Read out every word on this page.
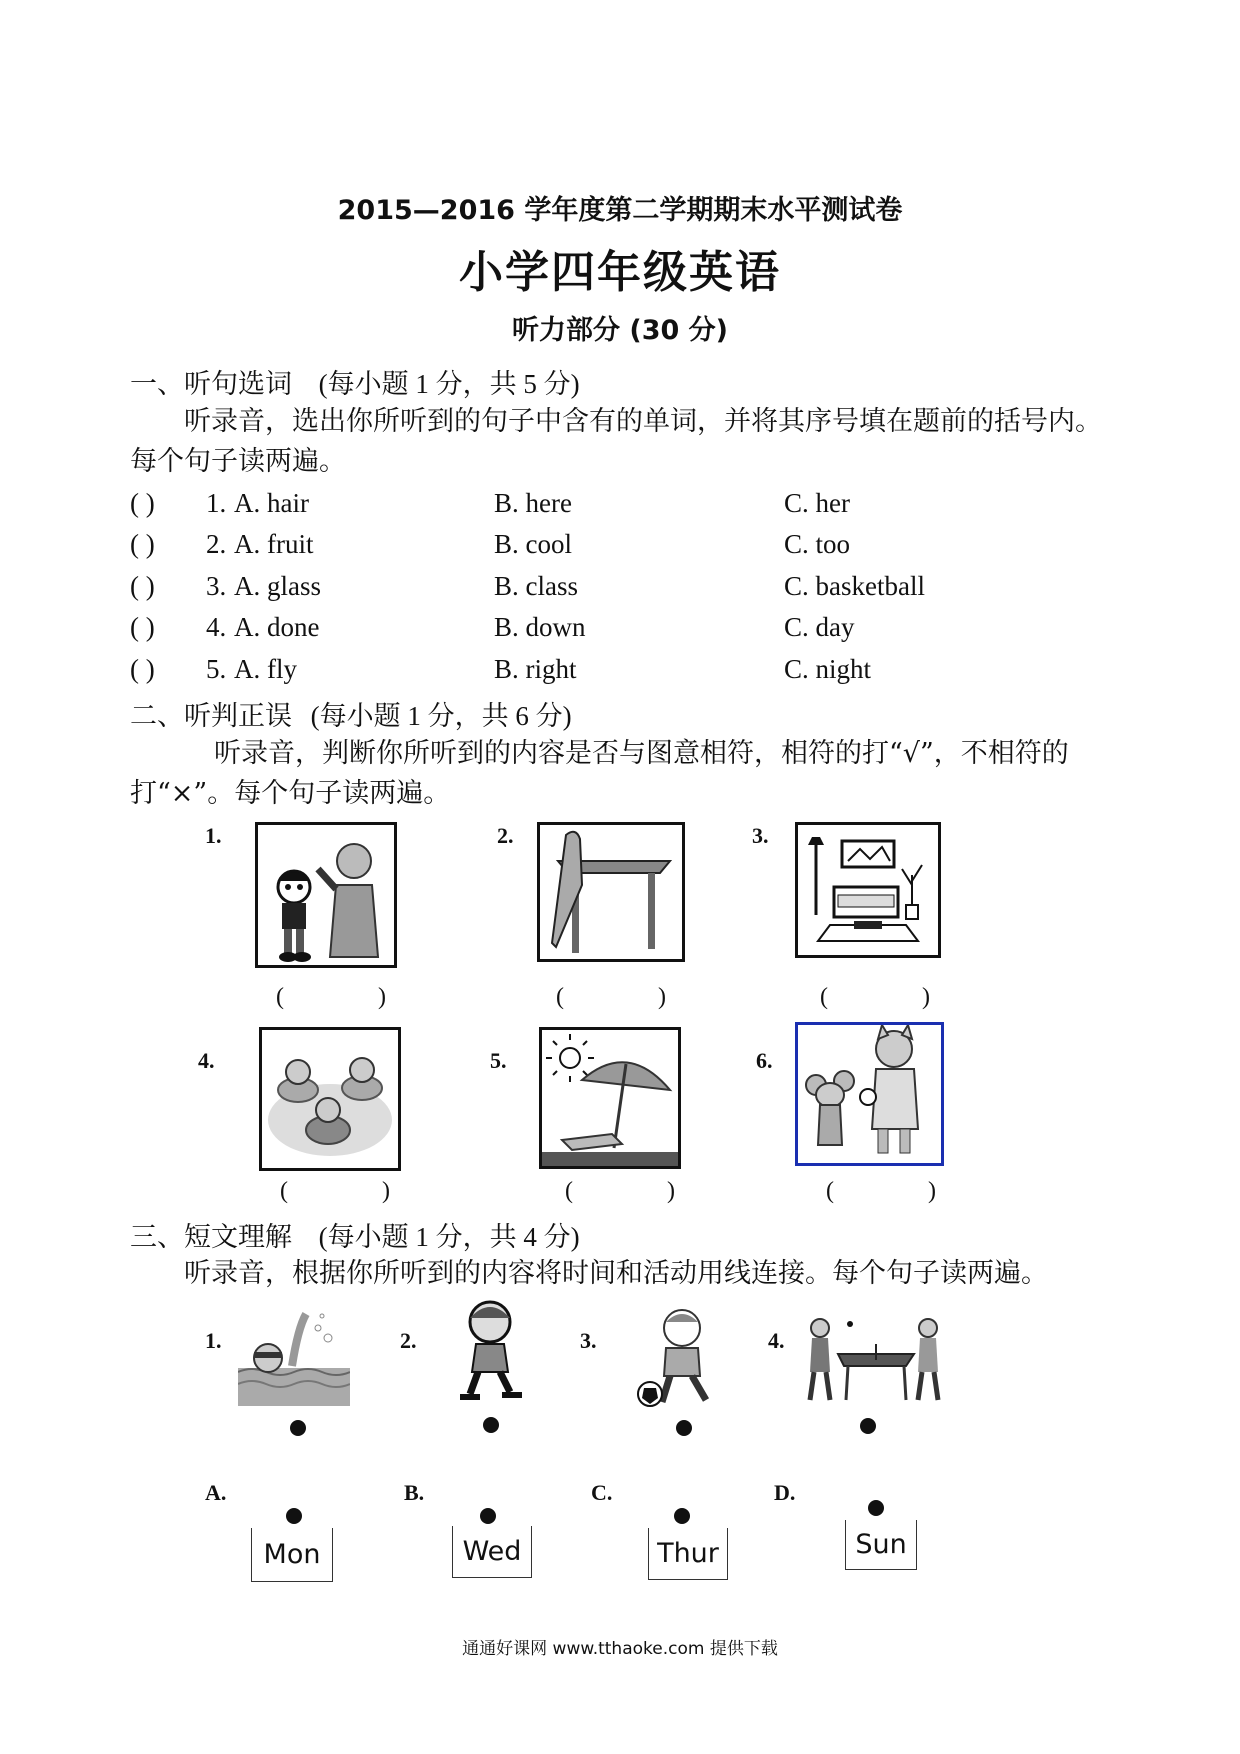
2015—2016 学年度第二学期期末水平测试卷
小学四年级英语
听力部分 (30 分)
一、听句选词 (每小题 1 分，共 5 分)
听录音，选出你所听到的句子中含有的单词，并将其序号填在题前的括号内。每个句子读两遍。
( ) 1. A. hair	B. here	C. her
( ) 2. A. fruit	B. cool	C. too
( ) 3. A. glass	B. class	C. basketball
( ) 4. A. done	B. down	C. day
( ) 5. A. fly	B. right	C. night
二、听判正误 (每小题 1 分，共 6 分)
听录音，判断你所听到的内容是否与图意相符，相符的打“√”，不相符的打“×”。每个句子读两遍。
1.
(	)
2.
(	)
3.
(	)
4.
(	)
5.
(	)
6.
(	)
三、短文理解 (每小题 1 分，共 4 分)
听录音，根据你所听到的内容将时间和活动用线连接。每个句子读两遍。
1.	2.	3.	4.
A.
Mon
B.
Wed
C.
Thur
D.
Sun
通通好课网 www.tthaoke.com 提供下载
